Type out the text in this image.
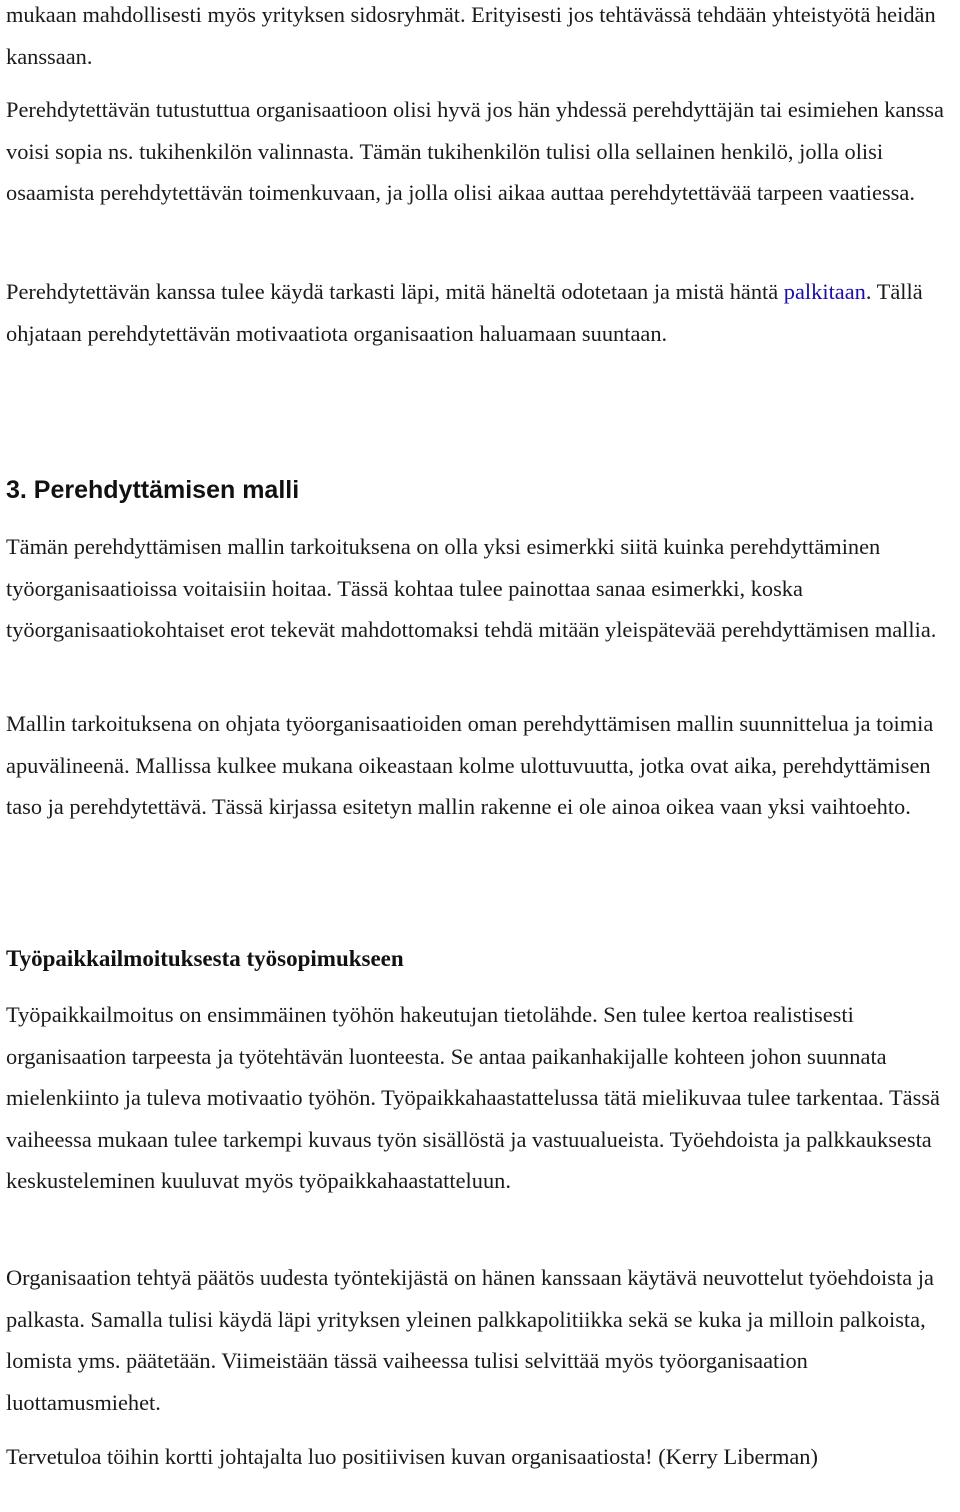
mukaan mahdollisesti myös yrityksen sidosryhmät. Erityisesti jos tehtävässä tehdään yhteistyötä heidän kanssaan.

Perehdytettävän tutustuttua organisaatioon olisi hyvä jos hän yhdessä perehdyttäjän tai esimiehen kanssa voisi sopia ns. tukihenkilön valinnasta. Tämän tukihenkilön tulisi olla sellainen henkilö, jolla olisi osaamista perehdytettävän toimenkuvaan, ja jolla olisi aikaa auttaa perehdytettävää tarpeen vaatiessa.

Perehdytettävän kanssa tulee käydä tarkasti läpi, mitä häneltä odotetaan ja mistä häntä palkitaan. Tällä ohjataan perehdytettävän motivaatiota organisaation haluamaan suuntaan.

3. Perehdyttämisen malli

Tämän perehdyttämisen mallin tarkoituksena on olla yksi esimerkki siitä kuinka perehdyttäminen työorganisaatioissa voitaisiin hoitaa. Tässä kohtaa tulee painottaa sanaa esimerkki, koska työorganisaatiokohtaiset erot tekevät mahdottomaksi tehdä mitään yleispätevää perehdyttämisen mallia.

Mallin tarkoituksena on ohjata työorganisaatioiden oman perehdyttämisen mallin suunnittelua ja toimia apuvälineenä. Mallissa kulkee mukana oikeastaan kolme ulottuvuutta, jotka ovat aika, perehdyttämisen taso ja perehdytettävä. Tässä kirjassa esitetyn mallin rakenne ei ole ainoa oikea vaan yksi vaihtoehto.

Työpaikkailmoituksesta työsopimukseen

Työpaikkailmoitus on ensimmäinen työhön hakeutujan tietolähde. Sen tulee kertoa realistisesti organisaation tarpeesta ja työtehtävän luonteesta. Se antaa paikanhakijalle kohteen johon suunnata mielenkiinto ja tuleva motivaatio työhön. Työpaikkahaastattelussa tätä mielikuvaa tulee tarkentaa. Tässä vaiheessa mukaan tulee tarkempi kuvaus työn sisällöstä ja vastuualueista. Työehdoista ja palkkauksesta keskusteleminen kuuluvat myös työpaikkahaastatteluun.

Organisaation tehtyä päätös uudesta työntekijästä on hänen kanssaan käytävä neuvottelut työehdoista ja palkasta. Samalla tulisi käydä läpi yrityksen yleinen palkkapolitiikka sekä se kuka ja milloin palkoista, lomista yms. päätetään. Viimeistään tässä vaiheessa tulisi selvittää myös työorganisaation luottamusmiehet.

Tervetuloa töihin kortti johtajalta luo positiivisen kuvan organisaatiosta! (Kerry Liberman)
